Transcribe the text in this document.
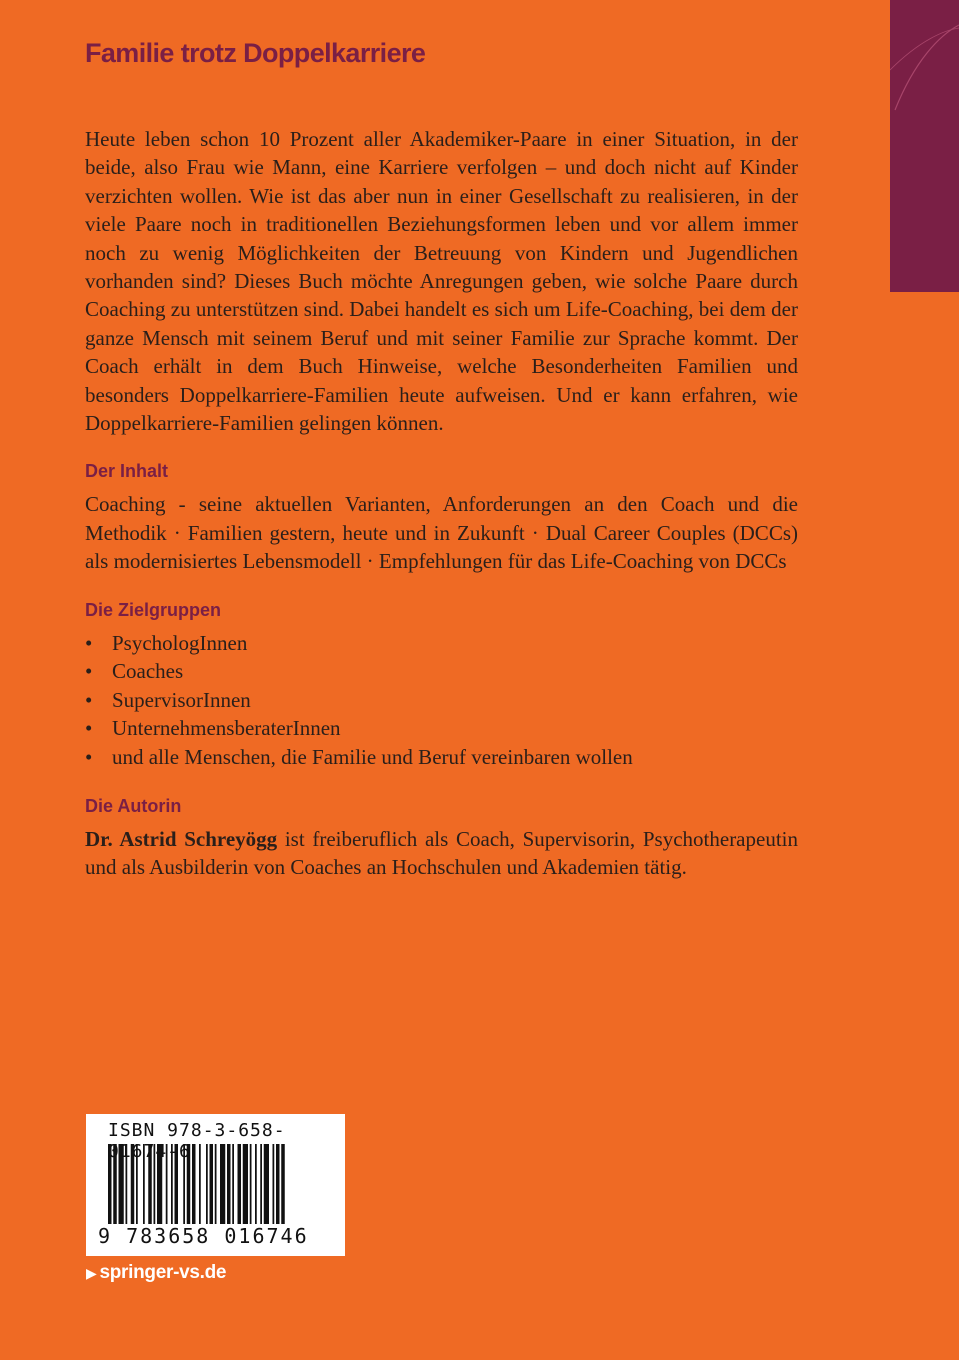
Familie trotz Doppelkarriere

Heute leben schon 10 Prozent aller Akademiker-Paare in einer Situation, in der beide, also Frau wie Mann, eine Karriere verfolgen – und doch nicht auf Kinder verzichten wollen. Wie ist das aber nun in einer Gesellschaft zu realisieren, in der viele Paare noch in traditionellen Beziehungsformen leben und vor allem immer noch zu wenig Möglichkeiten der Betreuung von Kindern und Jugendlichen vorhanden sind? Dieses Buch möchte Anregungen geben, wie solche Paare durch Coaching zu unterstützen sind. Dabei handelt es sich um Life-Coaching, bei dem der ganze Mensch mit seinem Beruf und mit seiner Familie zur Sprache kommt. Der Coach erhält in dem Buch Hinweise, welche Besonderheiten Familien und besonders Doppelkarriere-Familien heute aufweisen. Und er kann erfahren, wie Doppelkarriere-Familien gelingen können.

Der Inhalt

Coaching - seine aktuellen Varianten, Anforderungen an den Coach und die Methodik · Familien gestern, heute und in Zukunft · Dual Career Couples (DCCs) als modernisiertes Lebensmodell · Empfehlungen für das Life-Coaching von DCCs

Die Zielgruppen
• PsychologInnen
• Coaches
• SupervisorInnen
• UnternehmensberaterInnen
• und alle Menschen, die Familie und Beruf vereinbaren wollen
Die Autorin

Dr. Astrid Schreyögg ist freiberuflich als Coach, Supervisorin, Psychotherapeutin und als Ausbilderin von Coaches an Hochschulen und Akademien tätig.

ISBN 978-3-658- 674-6

9 783658 016746

▶ springer-vs.de
